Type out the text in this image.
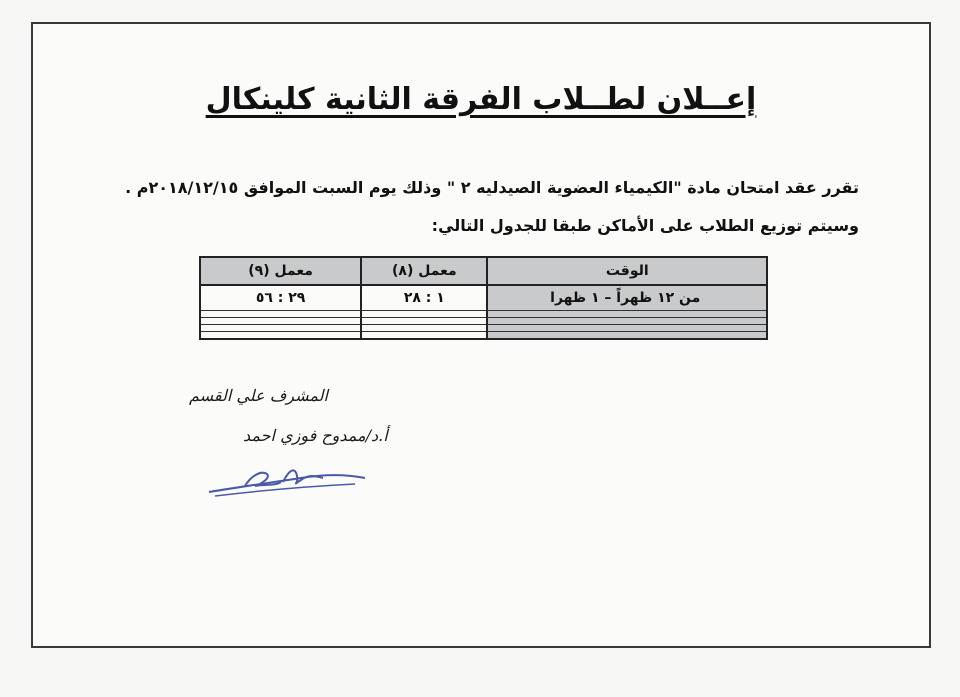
إعــلان لطــلاب الفرقة الثانية كلينكال
تقرر عقد امتحان مادة "الكيمياء العضوية الصيدليه ٢ " وذلك يوم السبت الموافق ٢٠١٨/١٢/١٥م .
وسيتم توزيع الطلاب على الأماكن طبقا للجدول التالي:
الوقت	معمل (٨)	معمل (٩)
من ١٢ ظهراً – ١ ظهرا	١ : ٢٨	٢٩ : ٥٦

المشرف علي القسم
أ.د/ممدوح فوزي احمد
